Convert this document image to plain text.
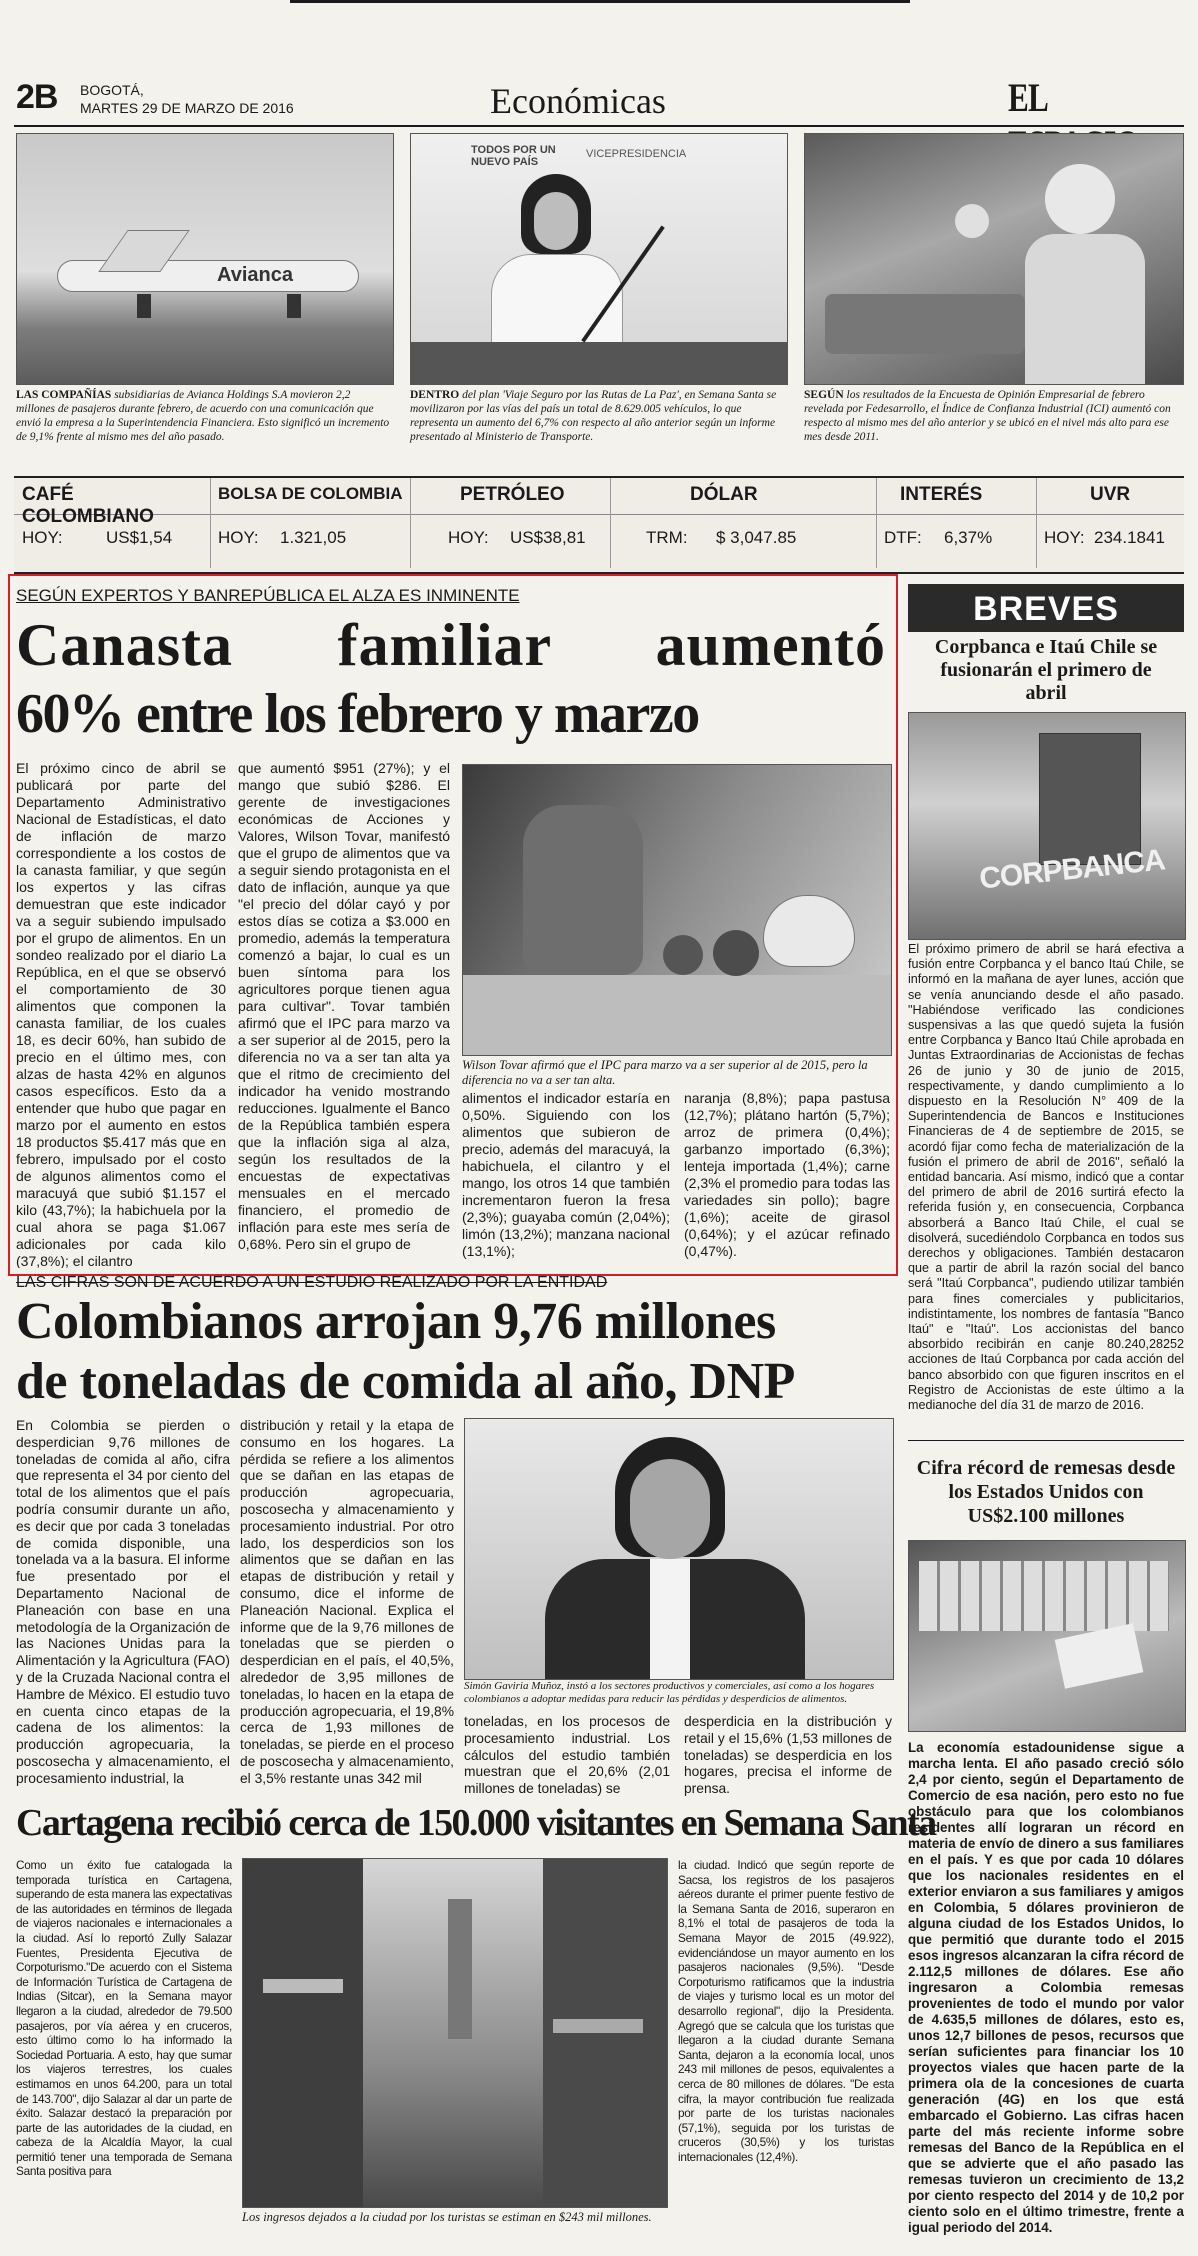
2B BOGOTÁ,
MARTES 29 DE MARZO DE 2016	Económicas	EL
Avianca
LAS COMPAÑÍAS subsidiarias de Avianca Holdings S.A movieron 2,2 millones de pasajeros durante febrero, de acuerdo con una comunicación que envió la empresa a la Superintendencia Financiera. Esto significó un incremento de 9,1% frente al mismo mes del año pasado.
TODOS POR UN NUEVO PAÍS
VICEPRESIDENCIA
DENTRO del plan 'Viaje Seguro por las Rutas de La Paz', en Semana Santa se movilizaron por las vías del país un total de 8.629.005 vehículos, lo que representa un aumento del 6,7% con respecto al año anterior según un informe presentado al Ministerio de Transporte.
SEGÚN los resultados de la Encuesta de Opinión Empresarial de febrero revelada por Fedesarrollo, el Índice de Confianza Industrial (ICI) aumentó con respecto al mismo mes del año anterior y se ubicó en el nivel más alto para ese mes desde 2011.
CAFÉ COLOMBIANO
HOY:	US$1,54
BOLSA DE COLOMBIA
HOY: 1.321,05
PETRÓLEO
HOY: US$38,81
DÓLAR
TRM: $ 3,047.85
INTERÉS
DTF: 6,37%
UVR
HOY: 234.1841
SEGÚN EXPERTOS Y BANREPÚBLICA EL ALZA ES INMINENTE
Canasta familiar aumentó
60% entre los febrero y marzo
El próximo cinco de abril se publicará por parte del Departamento Administrativo Nacional de Estadísticas, el dato de inflación de marzo correspondiente a los costos de la canasta familiar, y que según los expertos y las cifras demuestran que este indicador va a seguir subiendo impulsado por el grupo de alimentos. En un sondeo realizado por el diario La República, en el que se observó el comportamiento de 30 alimentos que componen la canasta familiar, de los cuales 18, es decir 60%, han subido de precio en el último mes, con alzas de hasta 42% en algunos casos específicos. Esto da a entender que hubo que pagar en marzo por el aumento en estos 18 productos $5.417 más que en febrero, impulsado por el costo de algunos alimentos como el maracuyá que subió $1.157 el kilo (43,7%); la habichuela por la cual ahora se paga $1.067 adicionales por cada kilo (37,8%); el cilantro
que aumentó $951 (27%); y el mango que subió $286. El gerente de investigaciones económicas de Acciones y Valores, Wilson Tovar, manifestó que el grupo de alimentos que va a seguir siendo protagonista en el dato de inflación, aunque ya que "el precio del dólar cayó y por estos días se cotiza a $3.000 en promedio, además la temperatura comenzó a bajar, lo cual es un buen síntoma para los agricultores porque tienen agua para cultivar". Tovar también afirmó que el IPC para marzo va a ser superior al de 2015, pero la diferencia no va a ser tan alta ya que el ritmo de crecimiento del indicador ha venido mostrando reducciones. Igualmente el Banco de la República también espera que la inflación siga al alza, según los resultados de la encuestas de expectativas mensuales en el mercado financiero, el promedio de inflación para este mes sería de 0,68%. Pero sin el grupo de
Wilson Tovar afirmó que el IPC para marzo va a ser superior al de 2015, pero la diferencia no va a ser tan alta.
alimentos el indicador estaría en 0,50%. Siguiendo con los alimentos que subieron de precio, además del maracuyá, la habichuela, el cilantro y el mango, los otros 14 que también incrementaron fueron la fresa (2,3%); guayaba común (2,04%); limón (13,2%); manzana nacional (13,1%);
naranja (8,8%); papa pastusa (12,7%); plátano hartón (5,7%); arroz de primera (0,4%); garbanzo importado (6,3%); lenteja importada (1,4%); carne (2,3% el promedio para todas las variedades sin pollo); bagre (1,6%); aceite de girasol (0,64%); y el azúcar refinado (0,47%).
BREVES
Corpbanca e Itaú Chile se fusionarán el primero de abril
CORPBANCA
El próximo primero de abril se hará efectiva a fusión entre Corpbanca y el banco Itaú Chile, se informó en la mañana de ayer lunes, acción que se venía anunciando desde el año pasado. "Habiéndose verificado las condiciones suspensivas a las que quedó sujeta la fusión entre Corpbanca y Banco Itaú Chile aprobada en Juntas Extraordinarias de Accionistas de fechas 26 de junio y 30 de junio de 2015, respectivamente, y dando cumplimiento a lo dispuesto en la Resolución N° 409 de la Superintendencia de Bancos e Instituciones Financieras de 4 de septiembre de 2015, se acordó fijar como fecha de materialización de la fusión el primero de abril de 2016", señaló la entidad bancaria. Así mismo, indicó que a contar del primero de abril de 2016 surtirá efecto la referida fusión y, en consecuencia, Corpbanca absorberá a Banco Itaú Chile, el cual se disolverá, sucediéndolo Corpbanca en todos sus derechos y obligaciones. También destacaron que a partir de abril la razón social del banco será "Itaú Corpbanca", pudiendo utilizar también para fines comerciales y publicitarios, indistintamente, los nombres de fantasía "Banco Itaú" e "Itaú". Los accionistas del banco absorbido recibirán en canje 80.240,28252 acciones de Itaú Corpbanca por cada acción del banco absorbido con que figuren inscritos en el Registro de Accionistas de este último a la medianoche del día 31 de marzo de 2016.
Cifra récord de remesas desde los Estados Unidos con US$2.100 millones
La economía estadounidense sigue a marcha lenta. El año pasado creció sólo 2,4 por ciento, según el Departamento de Comercio de esa nación, pero esto no fue obstáculo para que los colombianos residentes allí lograran un récord en materia de envío de dinero a sus familiares en el país. Y es que por cada 10 dólares que los nacionales residentes en el exterior enviaron a sus familiares y amigos en Colombia, 5 dólares provinieron de alguna ciudad de los Estados Unidos, lo que permitió que durante todo el 2015 esos ingresos alcanzaran la cifra récord de 2.112,5 millones de dólares. Ese año ingresaron a Colombia remesas provenientes de todo el mundo por valor de 4.635,5 millones de dólares, esto es, unos 12,7 billones de pesos, recursos que serían suficientes para financiar los 10 proyectos viales que hacen parte de la primera ola de la concesiones de cuarta generación (4G) en los que está embarcado el Gobierno. Las cifras hacen parte del más reciente informe sobre remesas del Banco de la República en el que se advierte que el año pasado las remesas tuvieron un crecimiento de 13,2 por ciento respecto del 2014 y de 10,2 por ciento solo en el último trimestre, frente a igual periodo del 2014.
LAS CIFRAS SON DE ACUERDO A UN ESTUDIO REALIZADO POR LA ENTIDAD
Colombianos arrojan 9,76 millones
de toneladas de comida al año, DNP
En Colombia se pierden o desperdician 9,76 millones de toneladas de comida al año, cifra que representa el 34 por ciento del total de los alimentos que el país podría consumir durante un año, es decir que por cada 3 toneladas de comida disponible, una tonelada va a la basura. El informe fue presentado por el Departamento Nacional de Planeación con base en una metodología de la Organización de las Naciones Unidas para la Alimentación y la Agricultura (FAO) y de la Cruzada Nacional contra el Hambre de México. El estudio tuvo en cuenta cinco etapas de la cadena de los alimentos: la producción agropecuaria, la poscosecha y almacenamiento, el procesamiento industrial, la
distribución y retail y la etapa de consumo en los hogares. La pérdida se refiere a los alimentos que se dañan en las etapas de producción agropecuaria, poscosecha y almacenamiento y procesamiento industrial. Por otro lado, los desperdicios son los alimentos que se dañan en las etapas de distribución y retail y consumo, dice el informe de Planeación Nacional. Explica el informe que de la 9,76 millones de toneladas que se pierden o desperdician en el país, el 40,5%, alrededor de 3,95 millones de toneladas, lo hacen en la etapa de producción agropecuaria, el 19,8% cerca de 1,93 millones de toneladas, se pierde en el proceso de poscosecha y almacenamiento, el 3,5% restante unas 342 mil
Simón Gaviria Muñoz, instó a los sectores productivos y comerciales, así como a los hogares colombianos a adoptar medidas para reducir las pérdidas y desperdicios de alimentos.
toneladas, en los procesos de procesamiento industrial. Los cálculos del estudio también muestran que el 20,6% (2,01 millones de toneladas) se
desperdicia en la distribución y retail y el 15,6% (1,53 millones de toneladas) se desperdicia en los hogares, precisa el informe de prensa.
Cartagena recibió cerca de 150.000 visitantes en Semana Santa
Como un éxito fue catalogada la temporada turística en Cartagena, superando de esta manera las expectativas de las autoridades en términos de llegada de viajeros nacionales e internacionales a la ciudad. Así lo reportó Zully Salazar Fuentes, Presidenta Ejecutiva de Corpoturismo."De acuerdo con el Sistema de Información Turística de Cartagena de Indias (Sitcar), en la Semana mayor llegaron a la ciudad, alrededor de 79.500 pasajeros, por vía aérea y en cruceros, esto último como lo ha informado la Sociedad Portuaria. A esto, hay que sumar los viajeros terrestres, los cuales estimamos en unos 64.200, para un total de 143.700", dijo Salazar al dar un parte de éxito. Salazar destacó la preparación por parte de las autoridades de la ciudad, en cabeza de la Alcaldía Mayor, la cual permitió tener una temporada de Semana Santa positiva para
Los ingresos dejados a la ciudad por los turistas se estiman en $243 mil millones.
la ciudad. Indicó que según reporte de Sacsa, los registros de los pasajeros aéreos durante el primer puente festivo de la Semana Santa de 2016, superaron en 8,1% el total de pasajeros de toda la Semana Mayor de 2015 (49.922), evidenciándose un mayor aumento en los pasajeros nacionales (9,5%). "Desde Corpoturismo ratificamos que la industria de viajes y turismo local es un motor del desarrollo regional", dijo la Presidenta. Agregó que se calcula que los turistas que llegaron a la ciudad durante Semana Santa, dejaron a la economía local, unos 243 mil millones de pesos, equivalentes a cerca de 80 millones de dólares. "De esta cifra, la mayor contribución fue realizada por parte de los turistas nacionales (57,1%), seguida por los turistas de cruceros (30,5%) y los turistas internacionales (12,4%).
